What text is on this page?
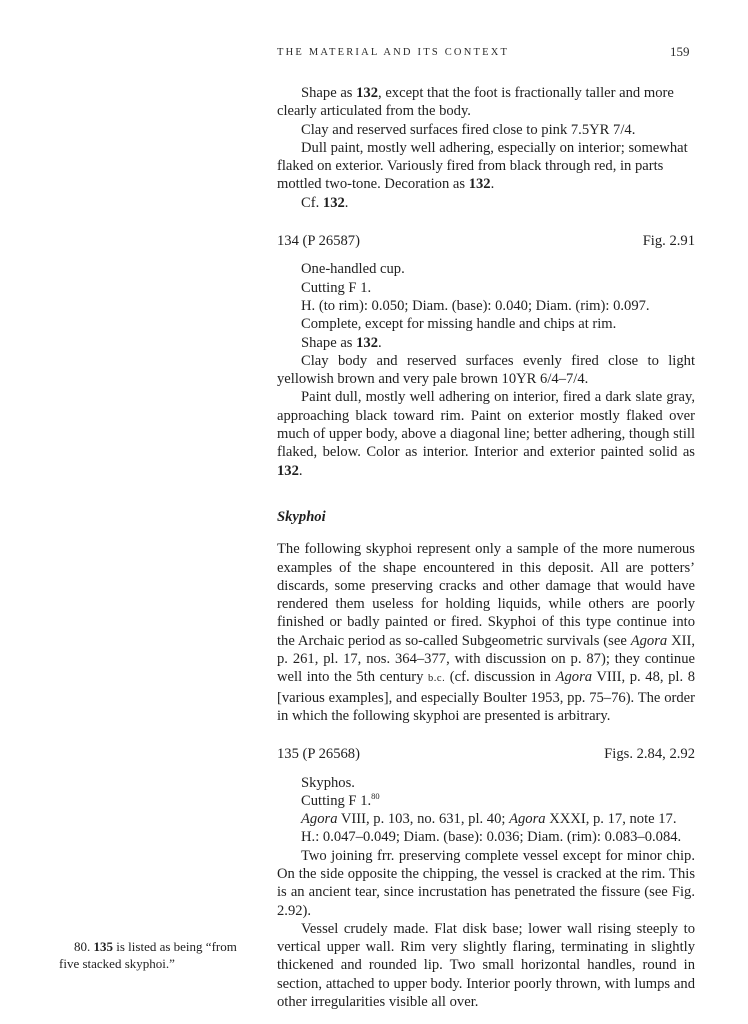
THE MATERIAL AND ITS CONTEXT	159

Shape as 132, except that the foot is fractionally taller and more clearly articulated from the body.

Clay and reserved surfaces fired close to pink 7.5YR 7/4.

Dull paint, mostly well adhering, especially on interior; somewhat flaked on exterior. Variously fired from black through red, in parts mottled two-tone. Decoration as 132.

Cf. 132.

134 (P 26587)	Fig. 2.91

One-handled cup.

Cutting F 1.

H. (to rim): 0.050; Diam. (base): 0.040; Diam. (rim): 0.097.

Complete, except for missing handle and chips at rim.

Shape as 132.

Clay body and reserved surfaces evenly fired close to light yellowish brown and very pale brown 10YR 6/4–7/4.

Paint dull, mostly well adhering on interior, fired a dark slate gray, approaching black toward rim. Paint on exterior mostly flaked over much of upper body, above a diagonal line; better adhering, though still flaked, below. Color as interior. Interior and exterior painted solid as 132.

Skyphoi

The following skyphoi represent only a sample of the more numerous examples of the shape encountered in this deposit. All are potters’ discards, some preserving cracks and other damage that would have rendered them useless for holding liquids, while others are poorly finished or badly painted or fired. Skyphoi of this type continue into the Archaic period as so-called Subgeometric survivals (see Agora XII, p. 261, pl. 17, nos. 364–377, with discussion on p. 87); they continue well into the 5th century b.c. (cf. discussion in Agora VIII, p. 48, pl. 8 [various examples], and especially Boulter 1953, pp. 75–76). The order in which the following skyphoi are presented is arbitrary.

135 (P 26568)	Figs. 2.84, 2.92

Skyphos.

Cutting F 1.80

Agora VIII, p. 103, no. 631, pl. 40; Agora XXXI, p. 17, note 17.

H.: 0.047–0.049; Diam. (base): 0.036; Diam. (rim): 0.083–0.084.

Two joining frr. preserving complete vessel except for minor chip. On the side opposite the chipping, the vessel is cracked at the rim. This is an ancient tear, since incrustation has penetrated the fissure (see Fig. 2.92).

Vessel crudely made. Flat disk base; lower wall rising steeply to vertical upper wall. Rim very slightly flaring, terminating in slightly thickened and rounded lip. Two small horizontal handles, round in section, attached to upper body. Interior poorly thrown, with lumps and other irregularities visible all over.

80. 135 is listed as being “from five stacked skyphoi.”
